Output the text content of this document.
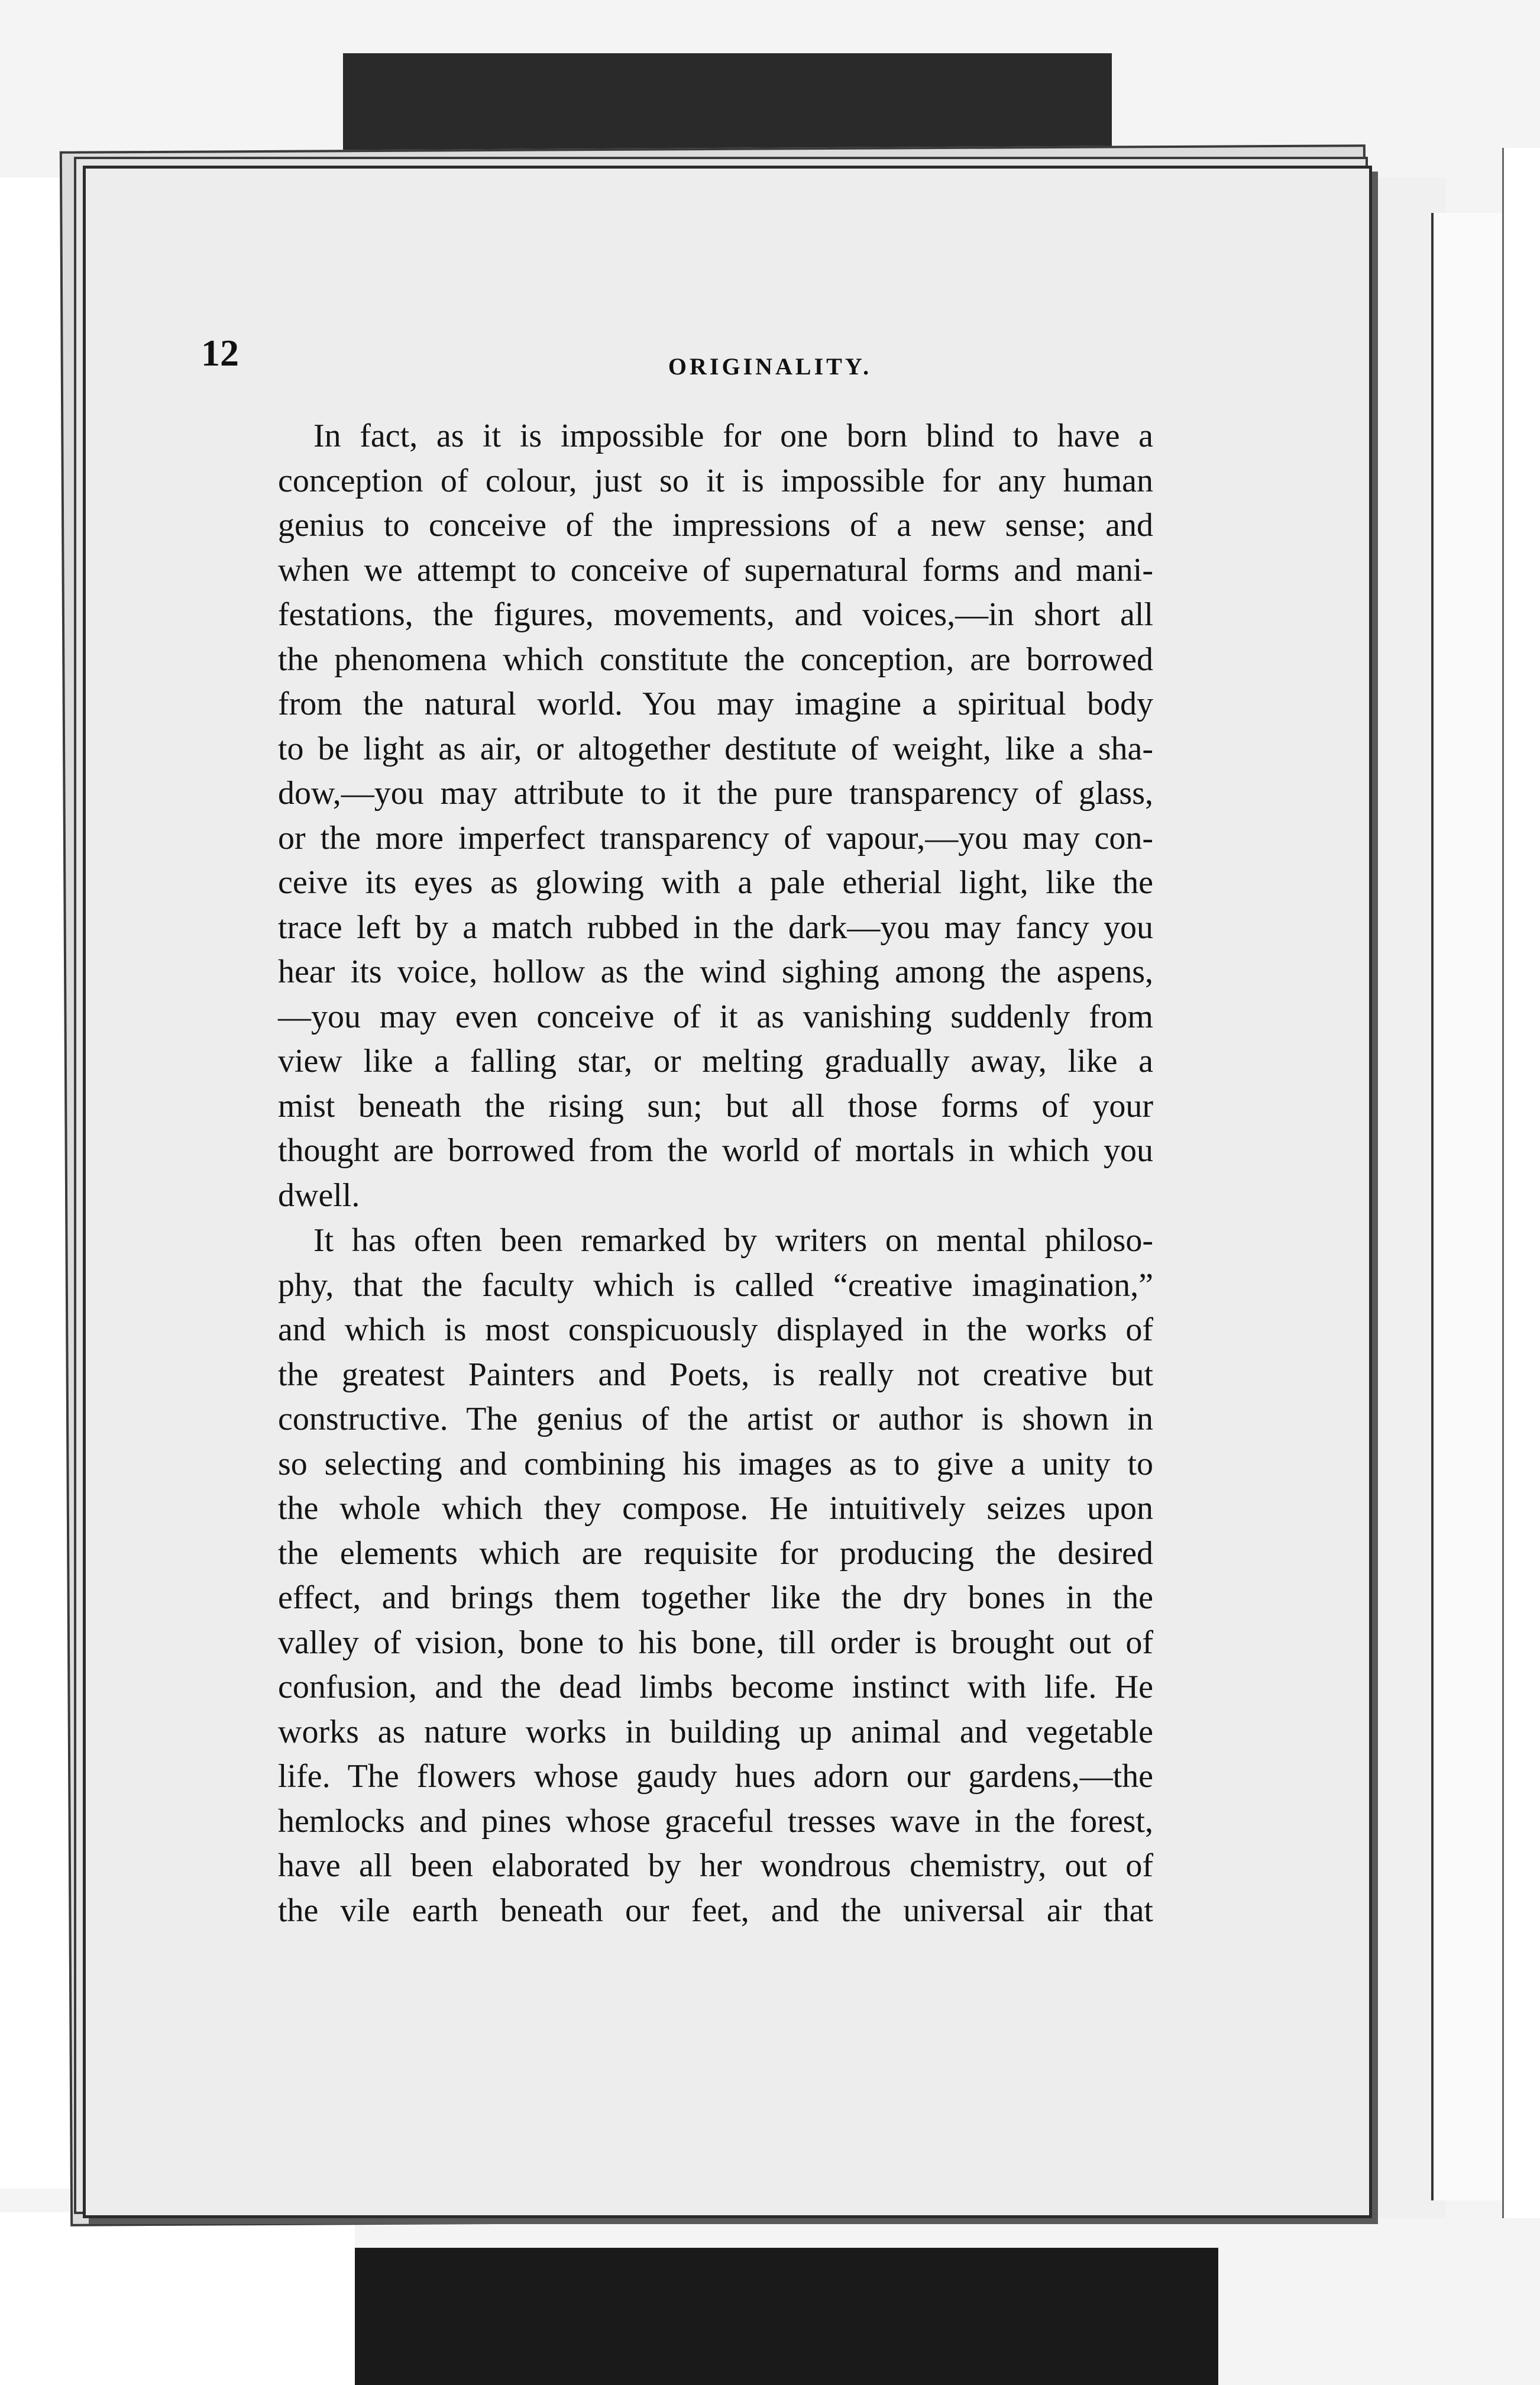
12	ORIGINALITY.
In fact, as it is impossible for one born blind to have a
conception of colour, just so it is impossible for any human
genius to conceive of the impressions of a new sense; and
when we attempt to conceive of supernatural forms and mani-
festations, the figures, movements, and voices,—in short all
the phenomena which constitute the conception, are borrowed
from the natural world. You may imagine a spiritual body
to be light as air, or altogether destitute of weight, like a sha-
dow,—you may attribute to it the pure transparency of glass,
or the more imperfect transparency of vapour,—you may con-
ceive its eyes as glowing with a pale etherial light, like the
trace left by a match rubbed in the dark—you may fancy you
hear its voice, hollow as the wind sighing among the aspens,
—you may even conceive of it as vanishing suddenly from
view like a falling star, or melting gradually away, like a
mist beneath the rising sun; but all those forms of your
thought are borrowed from the world of mortals in which you
dwell.
It has often been remarked by writers on mental philoso-
phy, that the faculty which is called “creative imagination,”
and which is most conspicuously displayed in the works of
the greatest Painters and Poets, is really not creative but
constructive. The genius of the artist or author is shown in
so selecting and combining his images as to give a unity to
the whole which they compose. He intuitively seizes upon
the elements which are requisite for producing the desired
effect, and brings them together like the dry bones in the
valley of vision, bone to his bone, till order is brought out of
confusion, and the dead limbs become instinct with life. He
works as nature works in building up animal and vegetable
life. The flowers whose gaudy hues adorn our gardens,—the
hemlocks and pines whose graceful tresses wave in the forest,
have all been elaborated by her wondrous chemistry, out of
the vile earth beneath our feet, and the universal air that
